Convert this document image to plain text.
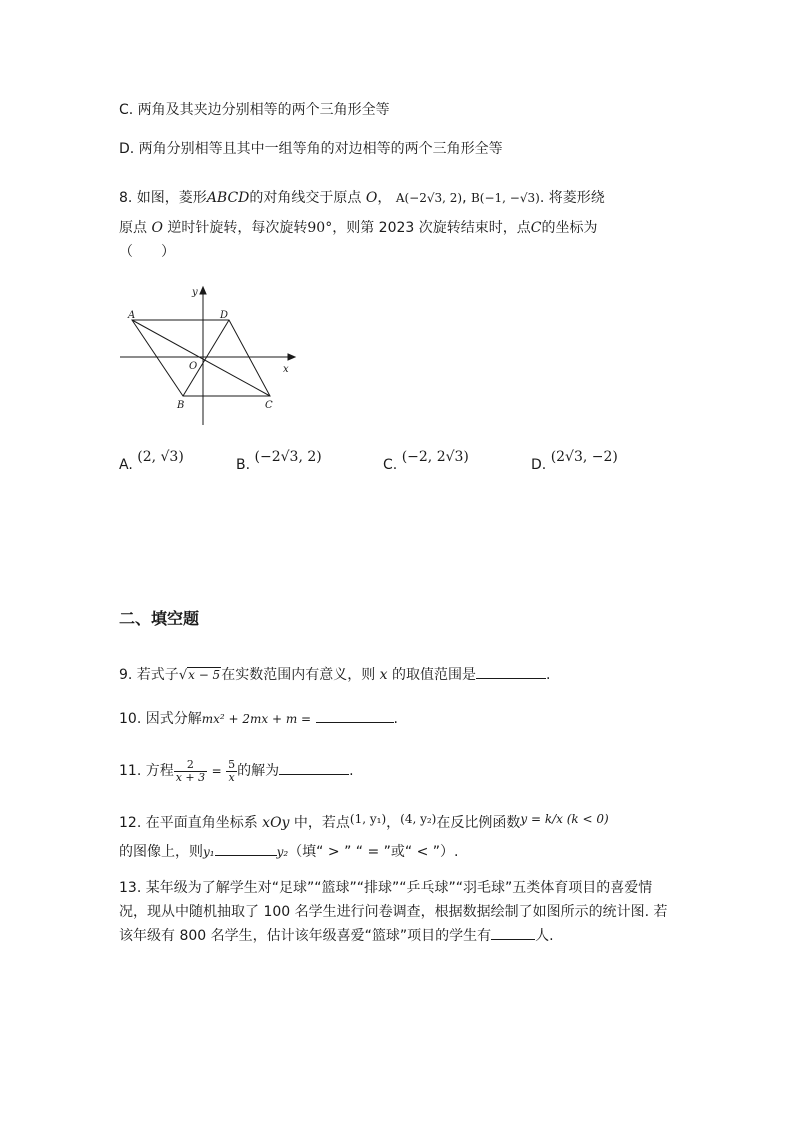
C. 两角及其夹边分别相等的两个三角形全等
D. 两角分别相等且其中一组等角的对边相等的两个三角形全等
8. 如图，菱形ABCD的对角线交于原点 O， A(−2√3, 2), B(−1, −√3). 将菱形绕
原点 O 逆时针旋转，每次旋转90°，则第 2023 次旋转结束时，点C的坐标为
（　　）
y
x
A	D
O
B	C
A. (2, √3)	B. (−2√3, 2)	C. (−2, 2√3)	D. (2√3, −2)
二、填空题
9. 若式子√x − 5在实数范围内有意义，则 x 的取值范围是	.
10. 因式分解mx² + 2mx + m =	.
11. 方程 $\frac{2}{x + 3} = \frac{5}{x}$ 的解为	.
12. 在平面直角坐标系 xOy 中，若点(1, y₁)，(4, y₂)在反比例函数y = k/x (k < 0)
的图像上，则y₁	y₂（填“ > ” “ = ”或“ < ”）.
13. 某年级为了解学生对“足球”“篮球”“排球”“乒乓球”“羽毛球”五类体育项目的喜爱情况，现从中随机抽取了 100 名学生进行问卷调查，根据数据绘制了如图所示的统计图. 若该年级有 800 名学生，估计该年级喜爱“篮球”项目的学生有	人.
